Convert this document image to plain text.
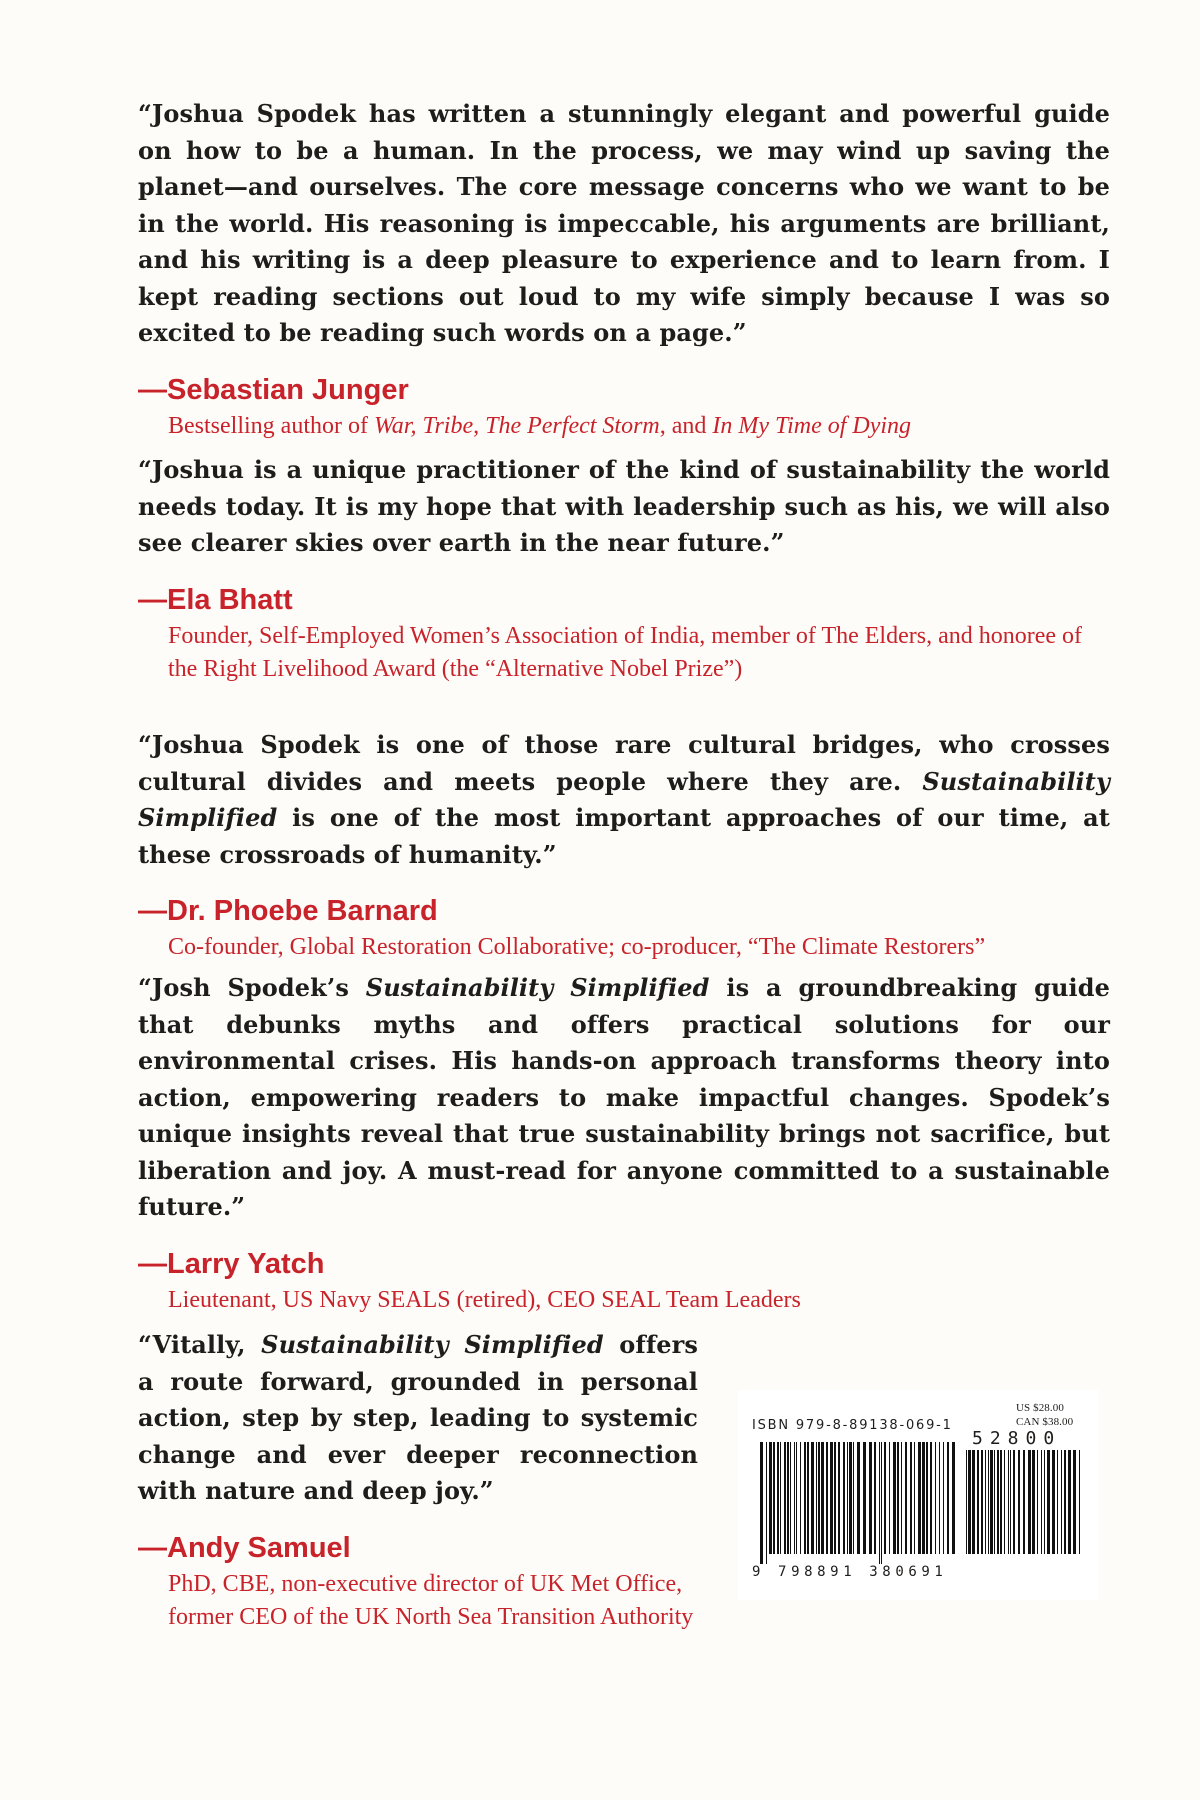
“Joshua Spodek has written a stunningly elegant and powerful guide on how to be a human. In the process, we may wind up saving the planet—and ourselves. The core message concerns who we want to be in the world. His reasoning is impeccable, his arguments are brilliant, and his writing is a deep pleasure to experience and to learn from. I kept reading sections out loud to my wife simply because I was so excited to be reading such words on a page.”

—Sebastian Junger
Bestselling author of War, Tribe, The Perfect Storm, and In My Time of Dying

“Joshua is a unique practitioner of the kind of sustainability the world needs today. It is my hope that with leadership such as his, we will also see clearer skies over earth in the near future.”

—Ela Bhatt
Founder, Self-Employed Women’s Association of India, member of The Elders, and honoree of the Right Livelihood Award (the “Alternative Nobel Prize”)

“Joshua Spodek is one of those rare cultural bridges, who crosses cultural divides and meets people where they are. Sustainability Simplified is one of the most important approaches of our time, at these crossroads of humanity.”

—Dr. Phoebe Barnard
Co-founder, Global Restoration Collaborative; co-producer, “The Climate Restorers”

“Josh Spodek’s Sustainability Simplified is a groundbreaking guide that debunks myths and offers practical solutions for our environmental crises. His hands-on approach transforms theory into action, empowering readers to make impactful changes. Spodek’s unique insights reveal that true sustainability brings not sacrifice, but liberation and joy. A must-read for anyone committed to a sustainable future.”

—Larry Yatch
Lieutenant, US Navy SEALS (retired), CEO SEAL Team Leaders

“Vitally, Sustainability Simplified offers a route forward, grounded in personal action, step by step, leading to systemic change and ever deeper reconnection with nature and deep joy.”

—Andy Samuel
PhD, CBE, non-executive director of UK Met Office, former CEO of the UK North Sea Transition Authority
ISBN 979-8-89138-069-1
US $28.00
CAN $38.00
52800
9 798891 380691
